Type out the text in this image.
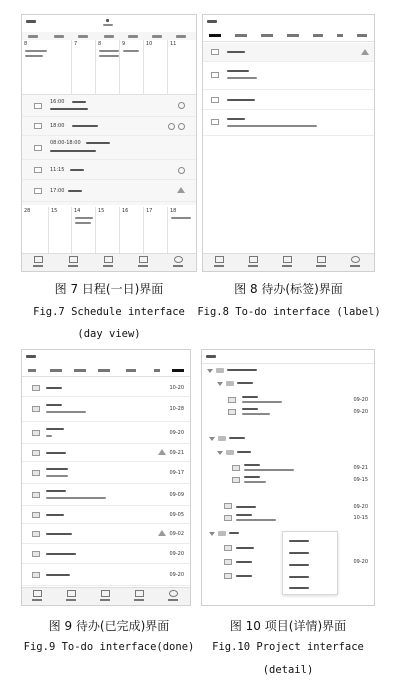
8	7	8	9	10	11
16:00
18:00
08:00-18:00
11:15
17:00
28	15	14	15	16	17	18
10-20
10-28
09-20
09-21
09-17
09-09
09-05
09-02
09-20
09-20
09-20
09-20
09-21
09-15
09-20
10-15
09-20
图 7 日程(一日)界面
Fig.7 Schedule interface
(day view)
图 8 待办(标签)界面
Fig.8 To-do interface (label)
图 9 待办(已完成)界面
Fig.9 To-do interface(done)
图 10 项目(详情)界面
Fig.10 Project interface
(detail)
